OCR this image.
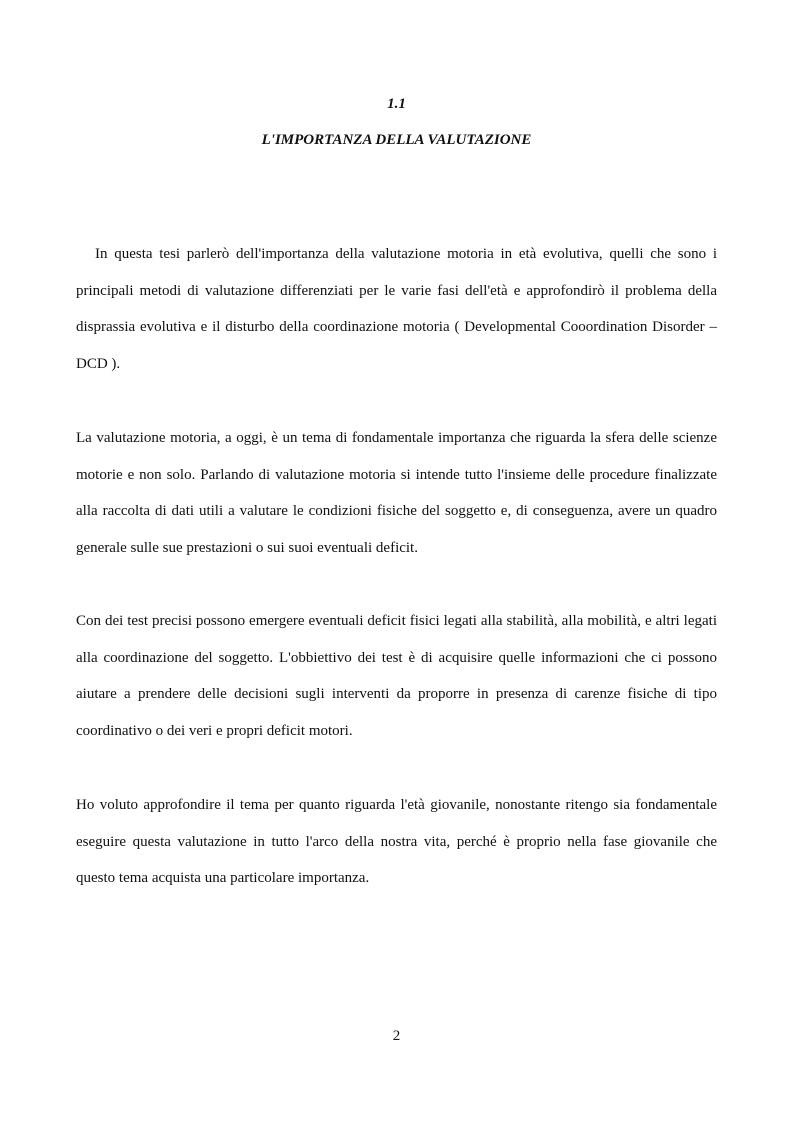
1.1
L'IMPORTANZA DELLA VALUTAZIONE

In questa tesi parlerò dell'importanza della valutazione motoria in età evolutiva, quelli che sono i principali metodi di valutazione differenziati per le varie fasi dell'età e approfondirò il problema della disprassia evolutiva e il disturbo della coordinazione motoria ( Developmental Cooordination Disorder – DCD ).

La valutazione motoria, a oggi, è un tema di fondamentale importanza che riguarda la sfera delle scienze motorie e non solo. Parlando di valutazione motoria si intende tutto l'insieme delle procedure finalizzate alla raccolta di dati utili a valutare le condizioni fisiche del soggetto e, di conseguenza, avere un quadro generale sulle sue prestazioni o sui suoi eventuali deficit.

Con dei test precisi possono emergere eventuali deficit fisici legati alla stabilità, alla mobilità, e altri legati alla coordinazione del soggetto. L'obbiettivo dei test è di acquisire quelle informazioni che ci possono aiutare a prendere delle decisioni sugli interventi da proporre in presenza di carenze fisiche di tipo coordinativo o dei veri e propri deficit motori.

Ho voluto approfondire il tema per quanto riguarda l'età giovanile, nonostante ritengo sia fondamentale eseguire questa valutazione in tutto l'arco della nostra vita, perché è proprio nella fase giovanile che questo tema acquista una particolare importanza.

2
